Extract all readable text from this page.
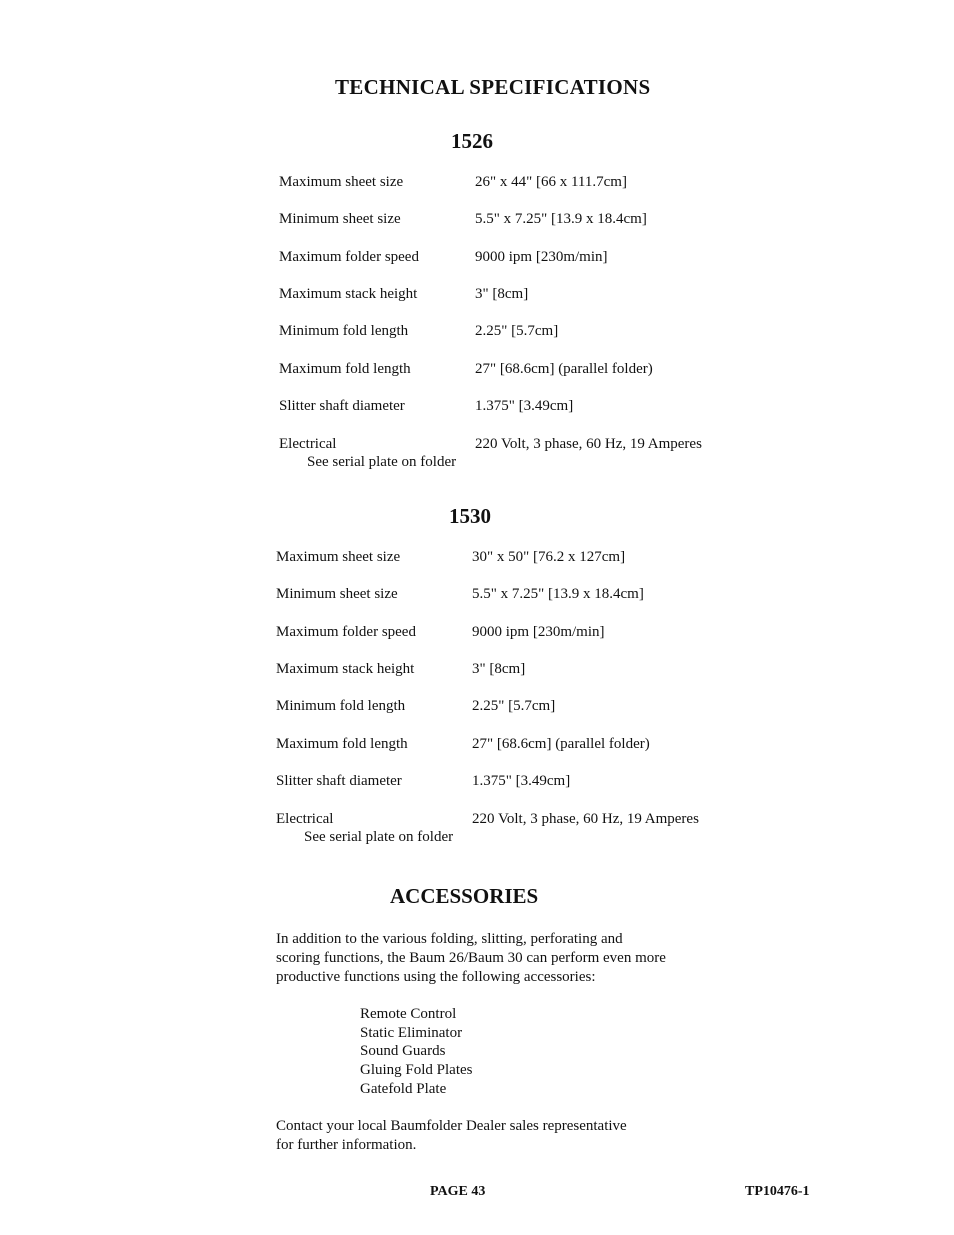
TECHNICAL SPECIFICATIONS
1526
Maximum sheet size	26" x 44" [66 x 111.7cm]
Minimum sheet size	5.5" x 7.25" [13.9 x 18.4cm]
Maximum folder speed	9000 ipm [230m/min]
Maximum stack height	3" [8cm]
Minimum fold length	2.25" [5.7cm]
Maximum fold length	27" [68.6cm] (parallel folder)
Slitter shaft diameter	1.375" [3.49cm]
Electrical	220 Volt, 3 phase, 60 Hz, 19 Amperes
See serial plate on folder
1530
Maximum sheet size	30" x 50" [76.2 x 127cm]
Minimum sheet size	5.5" x 7.25" [13.9 x 18.4cm]
Maximum folder speed	9000 ipm [230m/min]
Maximum stack height	3" [8cm]
Minimum fold length	2.25" [5.7cm]
Maximum fold length	27" [68.6cm] (parallel folder)
Slitter shaft diameter	1.375" [3.49cm]
Electrical	220 Volt, 3 phase, 60 Hz, 19 Amperes
See serial plate on folder
ACCESSORIES
In addition to the various folding, slitting, perforating and
scoring functions, the Baum 26/Baum 30 can perform even more
productive functions using the following accessories:
Remote Control
Static Eliminator
Sound Guards
Gluing Fold Plates
Gatefold Plate
Contact your local Baumfolder Dealer sales representative
for further information.
PAGE 43	TP10476-1
